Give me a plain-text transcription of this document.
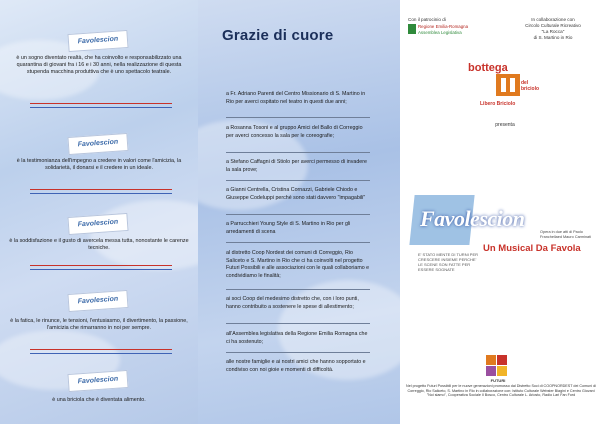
Favolescion
è un sogno diventato realtà, che ha coinvolto e responsabilizzato una quarantina di giovani fra i 16 e i 30 anni, nella realizzazione di questa stupenda macchina produttiva che è uno spettacolo teatrale.
Favolescion
è la testimonianza dell'impegno a credere in valori come l'amicizia, la solidarietà, il donarsi e il credere in un ideale.
Favolescion
è la soddisfazione e il gusto di avercela messa tutta, nonostante le carenze tecniche.
Favolescion
è la fatica, le rinunce, le tensioni, l'entusiasmo, il divertimento, la passione, l'amicizia che rimarranno in noi per sempre.
Favolescion
è una briciola che è diventata alimento.
Grazie di cuore
a Fr. Adriano Parenti del Centro Missionario di S. Martino in Rio per averci ospitato nel teatro in questi due anni;
a Rosanna Tosoni e al gruppo Amici del Ballo di Correggio per averci concesso la sala per le coreografie;
a Stefano Caffagni di Stiolo per averci permesso di invadere la sala prove;
a Gianni Centrella, Cristina Cornazzi, Gabriele Chiodo e Giuseppe Codeluppi perché sono stati davvero "impagabili"
a Parrucchieri Young Style di S. Martino in Rio per gli arredamenti di scena
al distretto Coop Nordest dei comuni di Correggio, Rio Saliceto e S. Martino in Rio che ci ha coinvolti nel progetto Futuri Possibili e alle associazioni con le quali collaboriamo e condividiamo le finalità;
ai soci Coop del medesimo distretto che, con i loro punti, hanno contribuito a sostenere le spese di allestimento;
all'Assemblea legislativa della Regione Emilia Romagna che ci ha sostenuto;
alle nostre famiglie e ai nostri amici che hanno sopportato e condiviso con noi gioie e momenti di difficoltà.
Con il patrocinio di
Regione Emilia-Romagna
Assemblea Legislativa
In collaborazione con
Circolo Culturale Ricreativo
"La Rocca"
di S. Martino in Rio
bottega
del briciolo
Libero Briciolo
presenta
Favolescion
Un Musical Da Favola
E' STATO MENTE DI TURNI PER CRESCERE INSIEME PERCHE' LE SCENE SON FATTE PER ESSERE SOGNATE
Opera in due atti di Paolo Franchellaed Mauro Carminati
FUTURI
Nel progetto Futuri Possibili per le nuove generazioni promosso dal Distretto Soci di COOPNORDEST dei Comuni di Correggio, Rio Saliceto, S. Martino in Rio in collaborazione con: Istituto Culturale Webster Biagini e Centro Giovani "Noi siamo", Cooperativa Sociale Il Bosco, Centro Culturale L. Ariosto, Radio Lari Fan Ford
